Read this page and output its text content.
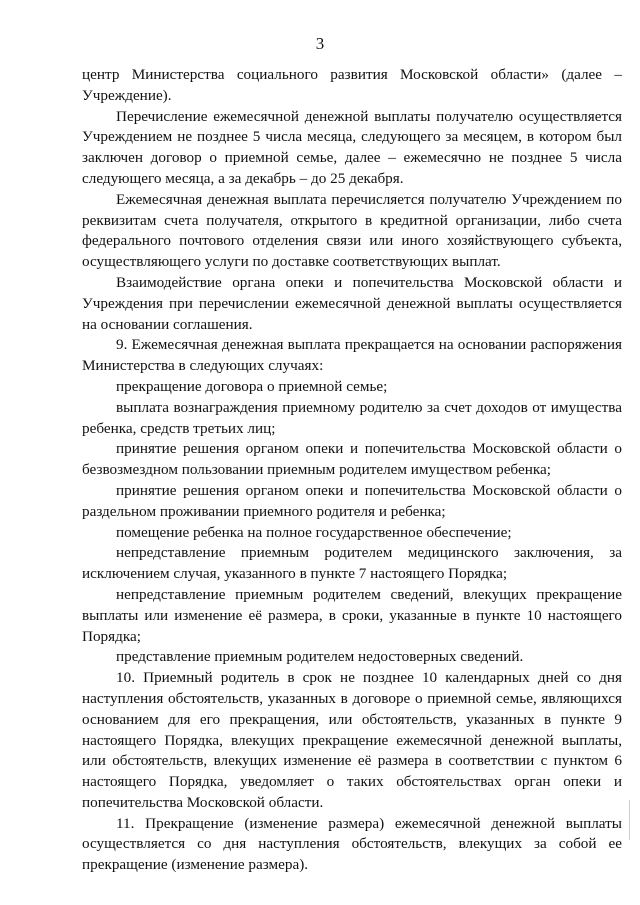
3

центр Министерства социального развития Московской области» (далее – Учреждение).

Перечисление ежемесячной денежной выплаты получателю осуществляется Учреждением не позднее 5 числа месяца, следующего за месяцем, в котором был заключен договор о приемной семье, далее – ежемесячно не позднее 5 числа следующего месяца, а за декабрь – до 25 декабря.

Ежемесячная денежная выплата перечисляется получателю Учреждением по реквизитам счета получателя, открытого в кредитной организации, либо счета федерального почтового отделения связи или иного хозяйствующего субъекта, осуществляющего услуги по доставке соответствующих выплат.

Взаимодействие органа опеки и попечительства Московской области и Учреждения при перечислении ежемесячной денежной выплаты осуществляется на основании соглашения.

9. Ежемесячная денежная выплата прекращается на основании распоряжения Министерства в следующих случаях:

прекращение договора о приемной семье;

выплата вознаграждения приемному родителю за счет доходов от имущества ребенка, средств третьих лиц;

принятие решения органом опеки и попечительства Московской области о безвозмездном пользовании приемным родителем имуществом ребенка;

принятие решения органом опеки и попечительства Московской области о раздельном проживании приемного родителя и ребенка;

помещение ребенка на полное государственное обеспечение;

непредставление приемным родителем медицинского заключения, за исключением случая, указанного в пункте 7 настоящего Порядка;

непредставление приемным родителем сведений, влекущих прекращение выплаты или изменение её размера, в сроки, указанные в пункте 10 настоящего Порядка;

представление приемным родителем недостоверных сведений.

10. Приемный родитель в срок не позднее 10 календарных дней со дня наступления обстоятельств, указанных в договоре о приемной семье, являющихся основанием для его прекращения, или обстоятельств, указанных в пункте 9 настоящего Порядка, влекущих прекращение ежемесячной денежной выплаты, или обстоятельств, влекущих изменение её размера в соответствии с пунктом 6 настоящего Порядка, уведомляет о таких обстоятельствах орган опеки и попечительства Московской области.

11. Прекращение (изменение размера) ежемесячной денежной выплаты осуществляется со дня наступления обстоятельств, влекущих за собой ее прекращение (изменение размера).
